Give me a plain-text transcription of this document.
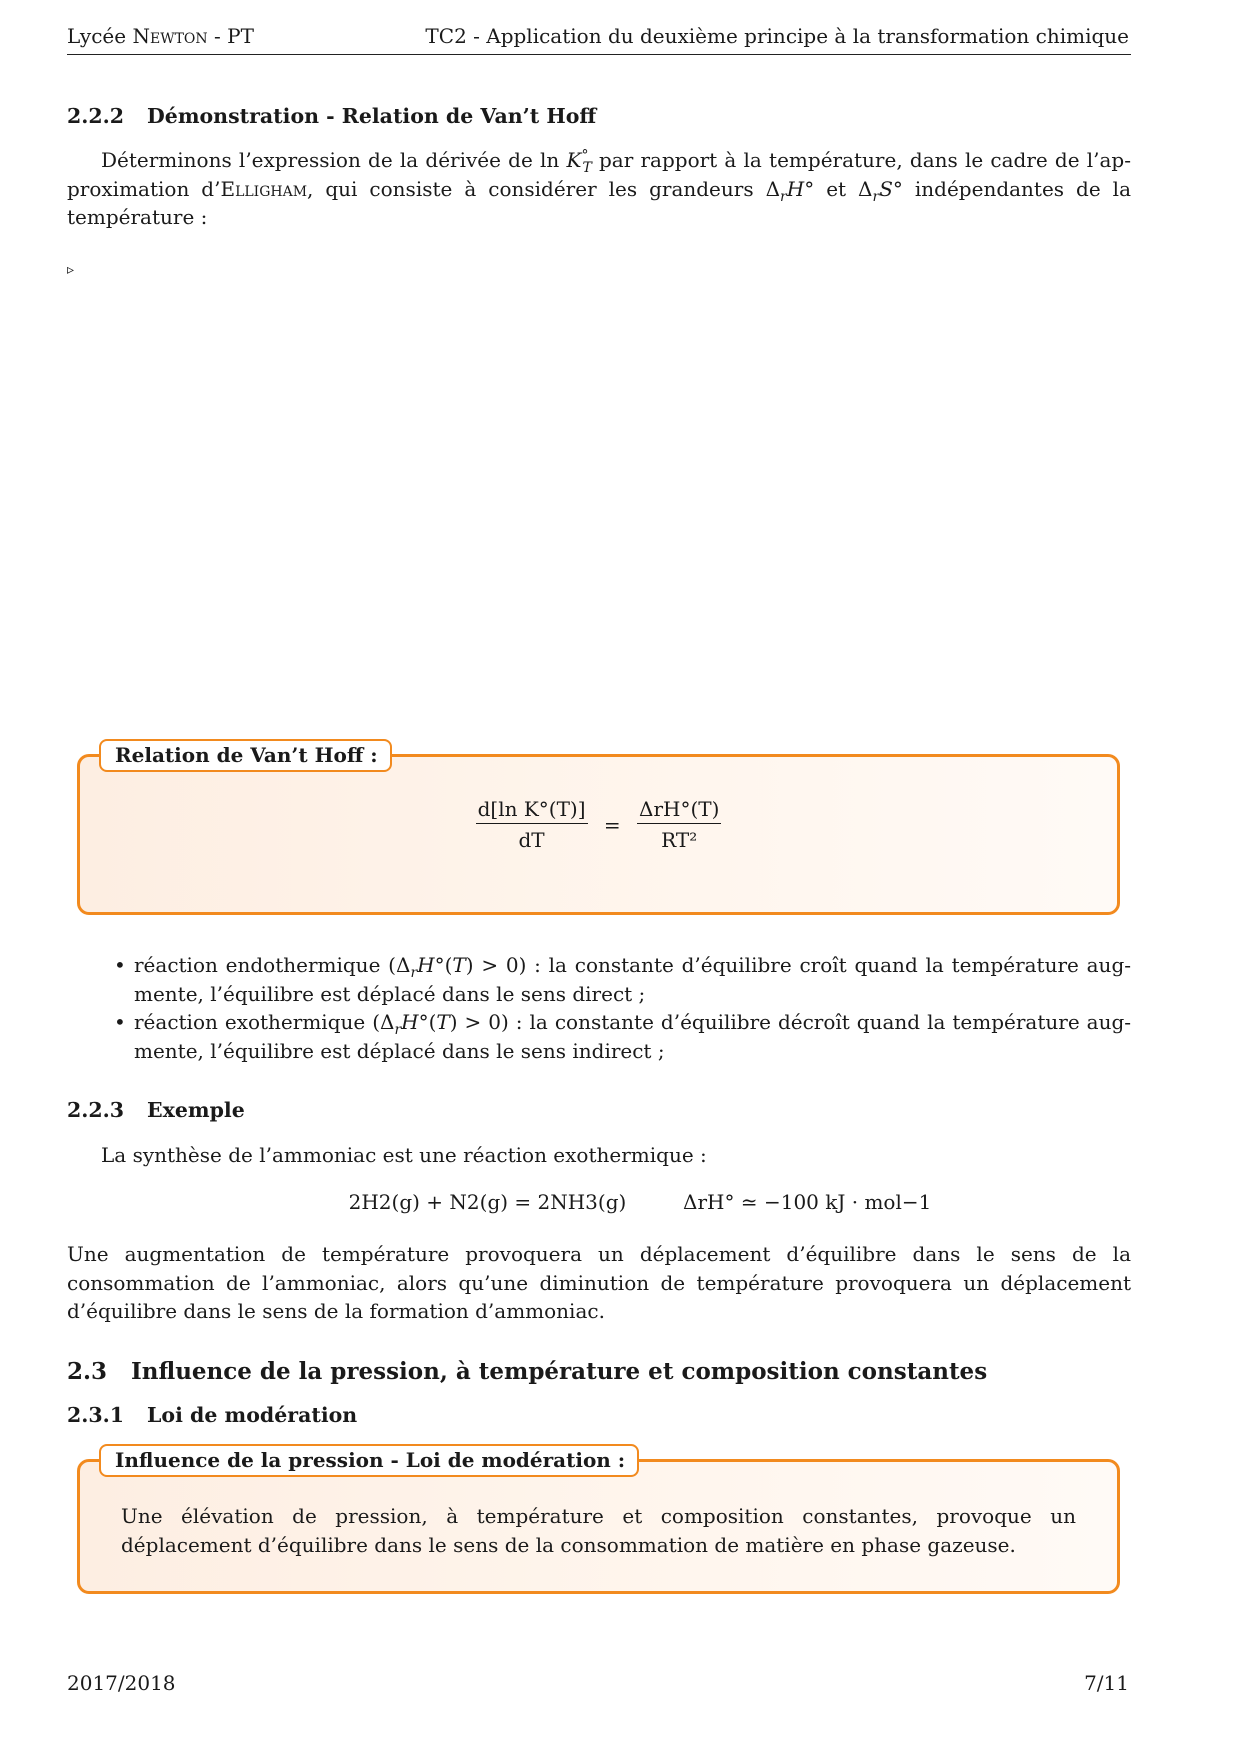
Lycée Newton - PT	TC2 - Application du deuxième principe à la transformation chimique
2.2.2 Démonstration - Relation de Van’t Hoff
Déterminons l’expression de la dérivée de $\ln K^\circ_T$ par rapport à la température, dans le cadre de l’ap-
proximation d’Elligham, qui consiste à considérer les grandeurs $\Delta_rH^\circ$ et $\Delta_rS^\circ$ indépendantes de la
température :
▹
$\frac{\text{d[ln K°(T)]}}{dT} = \frac{\text{ΔrH°(T)}}{\text{RT²}}$
Relation de Van’t Hoff :
• réaction endothermique $(\Delta_rH^\circ(T) > 0)$ : la constante d’équilibre croît quand la température aug-
mente, l’équilibre est déplacé dans le sens direct ;
• réaction exothermique $(\Delta_rH^\circ(T) > 0)$ : la constante d’équilibre décroît quand la température aug-
mente, l’équilibre est déplacé dans le sens indirect ;
2.2.3 Exemple
La synthèse de l’ammoniac est une réaction exothermique :
2H2(g) + N2(g) = 2NH3(g)	ΔrH° ≃ −100 kJ · mol−1
Une augmentation de température provoquera un déplacement d’équilibre dans le sens de la consommation de l’ammoniac, alors qu’une diminution de température provoquera un déplacement d’équilibre dans le sens de la formation d’ammoniac.
2.3 Influence de la pression, à température et composition constantes
2.3.1 Loi de modération
Une élévation de pression, à température et composition constantes, provoque un déplacement d’équilibre dans le sens de la consommation de matière en phase gazeuse.
Influence de la pression - Loi de modération :
2017/2018	7/11
